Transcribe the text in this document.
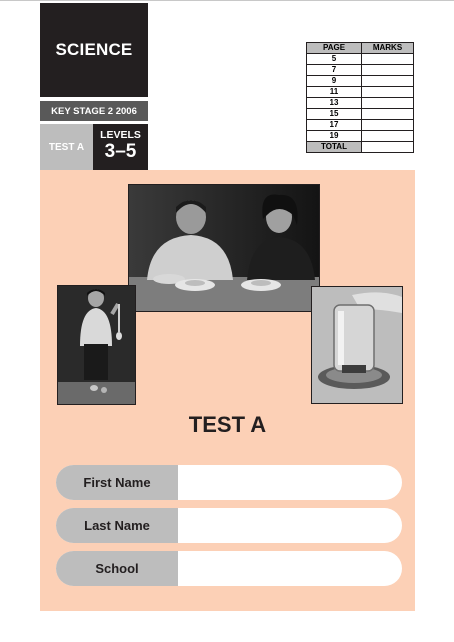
SCIENCE
KEY STAGE 2 2006
TEST A
LEVELS
3–5
PAGE	MARKS
5	
7	
9	
11	
13	
15	
17	
19	
TOTAL	
TEST A
First Name
Last Name
School
